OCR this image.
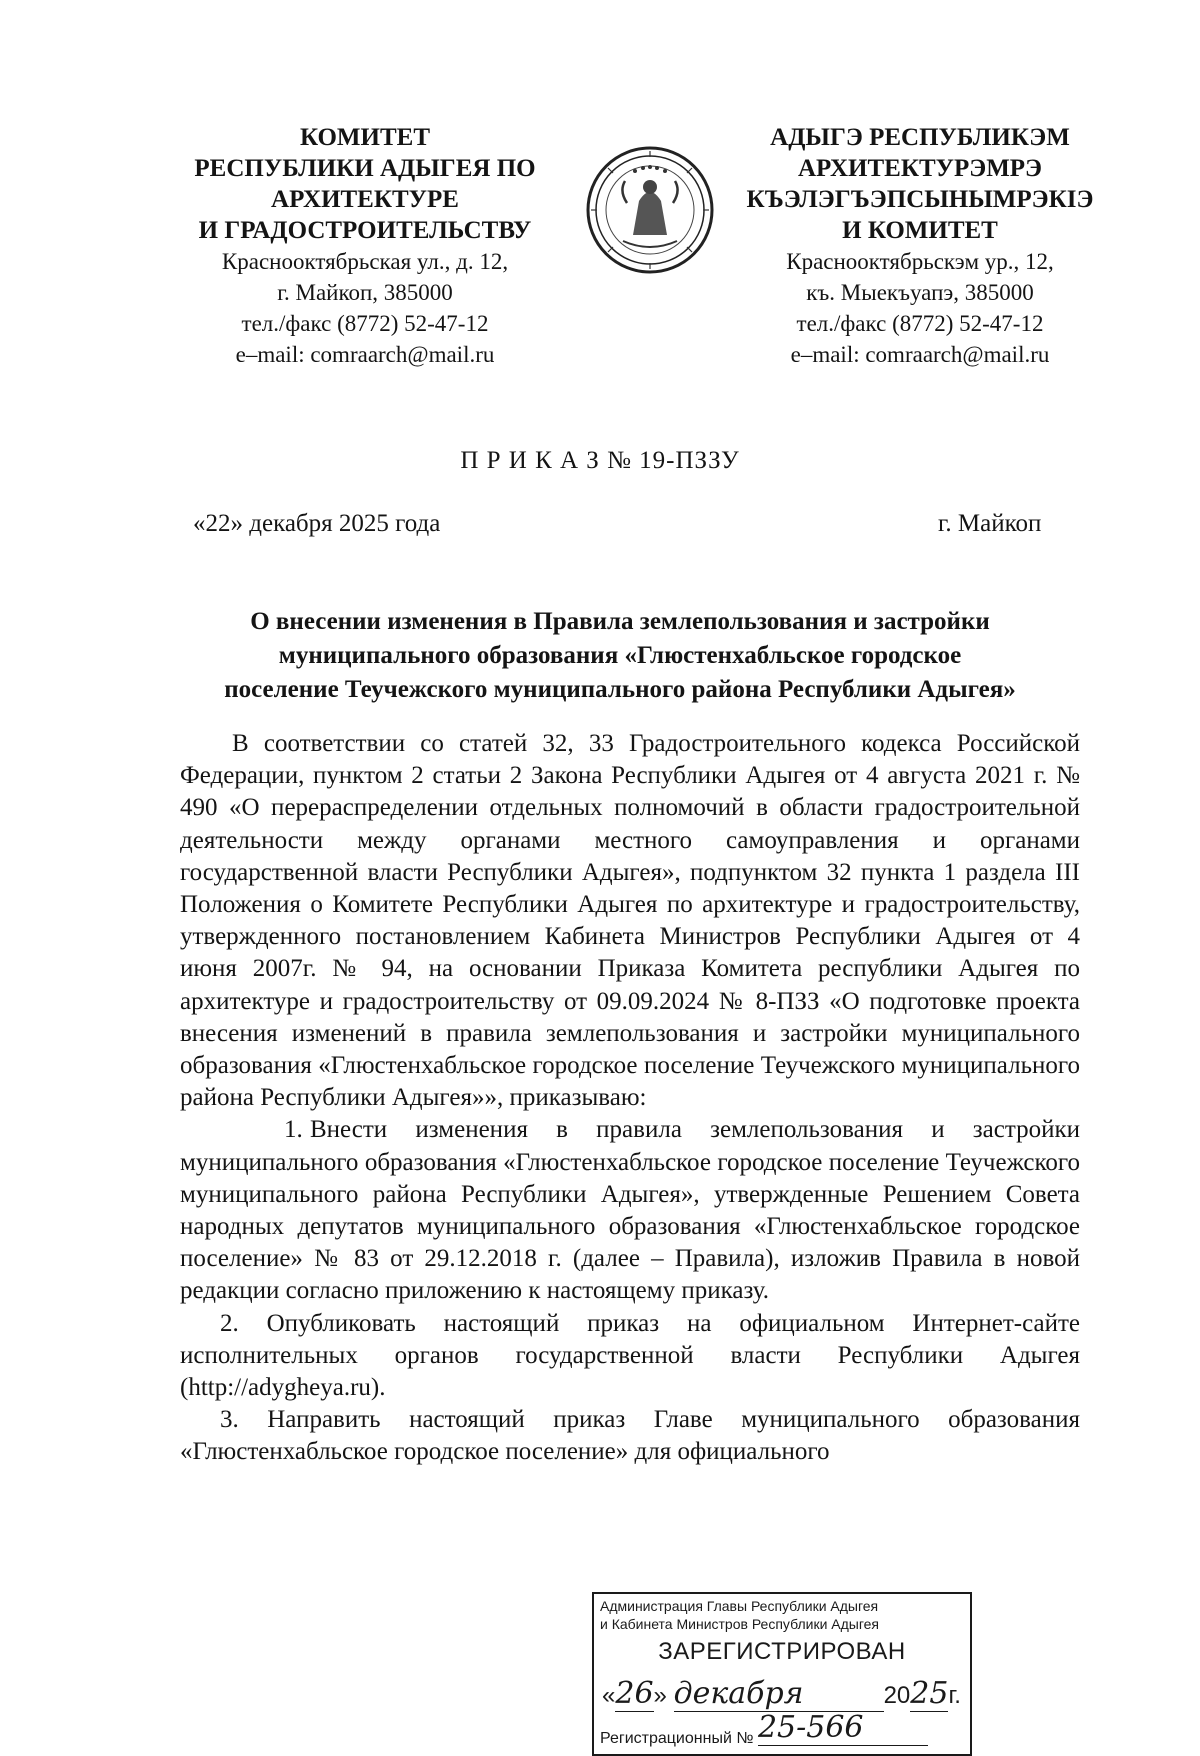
КОМИТЕТ
РЕСПУБЛИКИ АДЫГЕЯ ПО
АРХИТЕКТУРЕ
И ГРАДОСТРОИТЕЛЬСТВУ
Краснооктябрьская ул., д. 12,
г. Майкоп, 385000
тел./факс (8772) 52-47-12
e–mail: comraarch@mail.ru
АДЫГЭ РЕСПУБЛИКЭМ
АРХИТЕКТУРЭМРЭ
КЪЭЛЭГЪЭПСЫНЫМРЭКIЭ
И КОМИТЕТ
Краснооктябрьскэм ур., 12,
къ. Мыекъуапэ, 385000
тел./факс (8772) 52-47-12
e–mail: comraarch@mail.ru
П Р И К А З № 19-ПЗЗУ
«22» декабря 2025 года	г. Майкоп
О внесении изменения в Правила землепользования и застройки
муниципального образования «Глюстенхабльское городское
поселение Теучежского муниципального района Республики Адыгея»

В соответствии со статей 32, 33 Градостроительного кодекса Российской Федерации, пунктом 2 статьи 2 Закона Республики Адыгея от 4 августа 2021 г. № 490 «О перераспределении отдельных полномочий в области градостроительной деятельности между органами местного самоуправления и органами государственной власти Республики Адыгея», подпунктом 32 пункта 1 раздела III Положения о Комитете Республики Адыгея по архитектуре и градостроительству, утвержденного постановлением Кабинета Министров Республики Адыгея от 4 июня 2007г. № 94, на основании Приказа Комитета республики Адыгея по архитектуре и градостроительству от 09.09.2024 № 8-ПЗЗ «О подготовке проекта внесения изменений в правила землепользования и застройки муниципального образования «Глюстенхабльское городское поселение Теучежского муниципального района Республики Адыгея»», приказываю:

1. Внести изменения в правила землепользования и застройки муниципального образования «Глюстенхабльское городское поселение Теучежского муниципального района Республики Адыгея», утвержденные Решением Совета народных депутатов муниципального образования «Глюстенхабльское городское поселение» № 83 от 29.12.2018 г. (далее – Правила), изложив Правила в новой редакции согласно приложению к настоящему приказу.

2. Опубликовать настоящий приказ на официальном Интернет-сайте исполнительных органов государственной власти Республики Адыгея (http://adygheya.ru).

3. Направить настоящий приказ Главе муниципального образования «Глюстенхабльское городское поселение» для официального

Администрация Главы Республики Адыгея
и Кабинета Министров Республики Адыгея
ЗАРЕГИСТРИРОВАН
«26» декабря	2025г.
Регистрационный № 25-566
